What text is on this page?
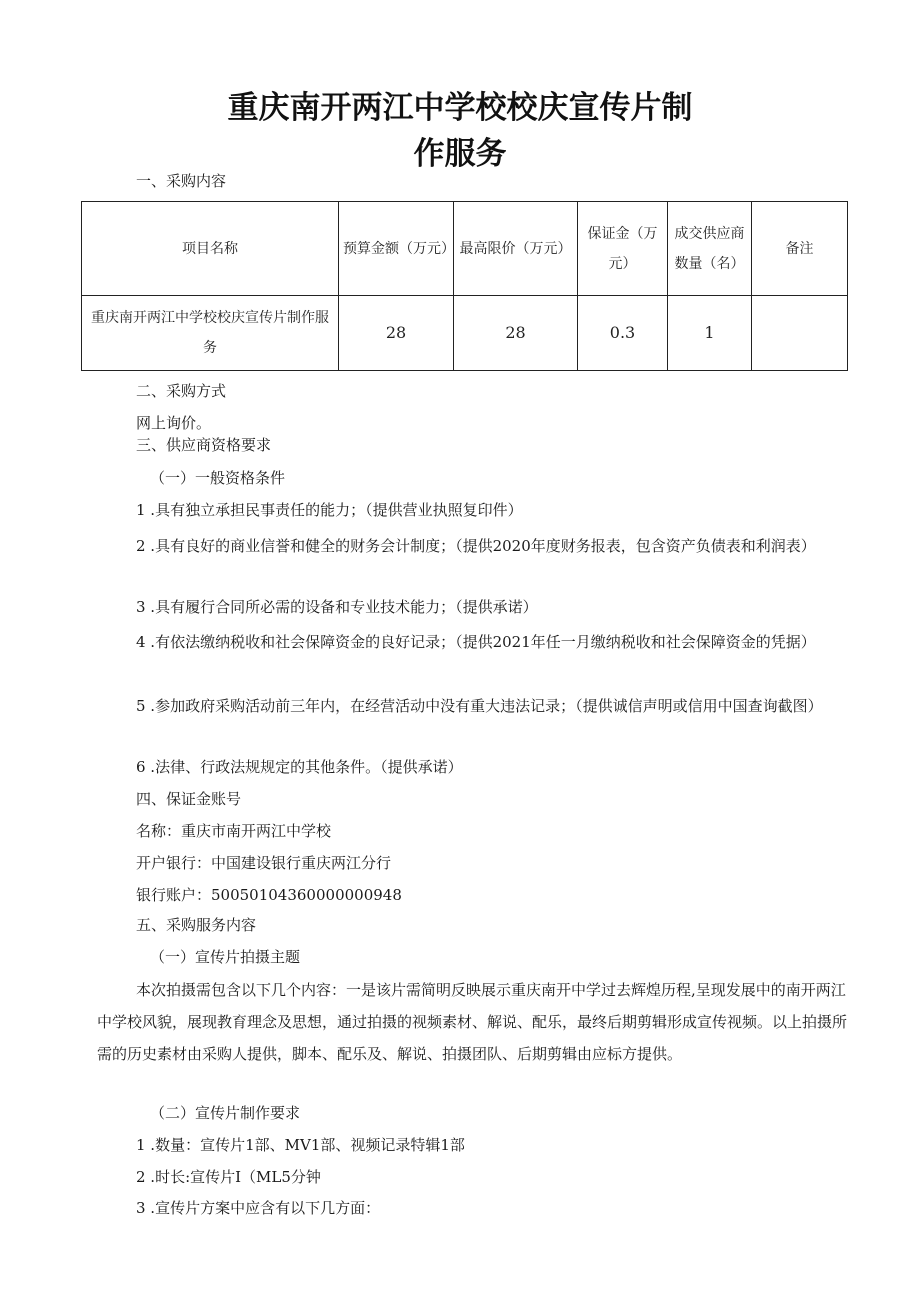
重庆南开两江中学校校庆宣传片制
作服务
一、采购内容
项目名称	预算金额（万元）	最高限价（万元）	保证金（万元）	成交供应商数量（名）	备注
重庆南开两江中学校校庆宣传片制作服务	28	28	0.3	1	
二、采购方式
网上询价。
三、供应商资格要求
（一）一般资格条件
1 .具有独立承担民事责任的能力；（提供营业执照复印件）
2 .具有良好的商业信誉和健全的财务会计制度；（提供2020年度财务报表，包含资产负债表和利润表）
3 .具有履行合同所必需的设备和专业技术能力；（提供承诺）
4 .有依法缴纳税收和社会保障资金的良好记录；（提供2021年任一月缴纳税收和社会保障资金的凭据）
5 .参加政府采购活动前三年内，在经营活动中没有重大违法记录；（提供诚信声明或信用中国查询截图）
6 .法律、行政法规规定的其他条件。（提供承诺）
四、保证金账号
名称：重庆市南开两江中学校
开户银行：中国建设银行重庆两江分行
银行账户：50050104360000000948
五、采购服务内容
（一）宣传片拍摄主题
本次拍摄需包含以下几个内容：一是该片需简明反映展示重庆南开中学过去辉煌历程,呈现发展中的南开两江中学校风貌，展现教育理念及思想，通过拍摄的视频素材、解说、配乐，最终后期剪辑形成宣传视频。以上拍摄所需的历史素材由采购人提供，脚本、配乐及、解说、拍摄团队、后期剪辑由应标方提供。
（二）宣传片制作要求
1 .数量：宣传片1部、MV1部、视频记录特辑1部
2 .时长:宣传片I（ML5分钟
3 .宣传片方案中应含有以下几方面：
